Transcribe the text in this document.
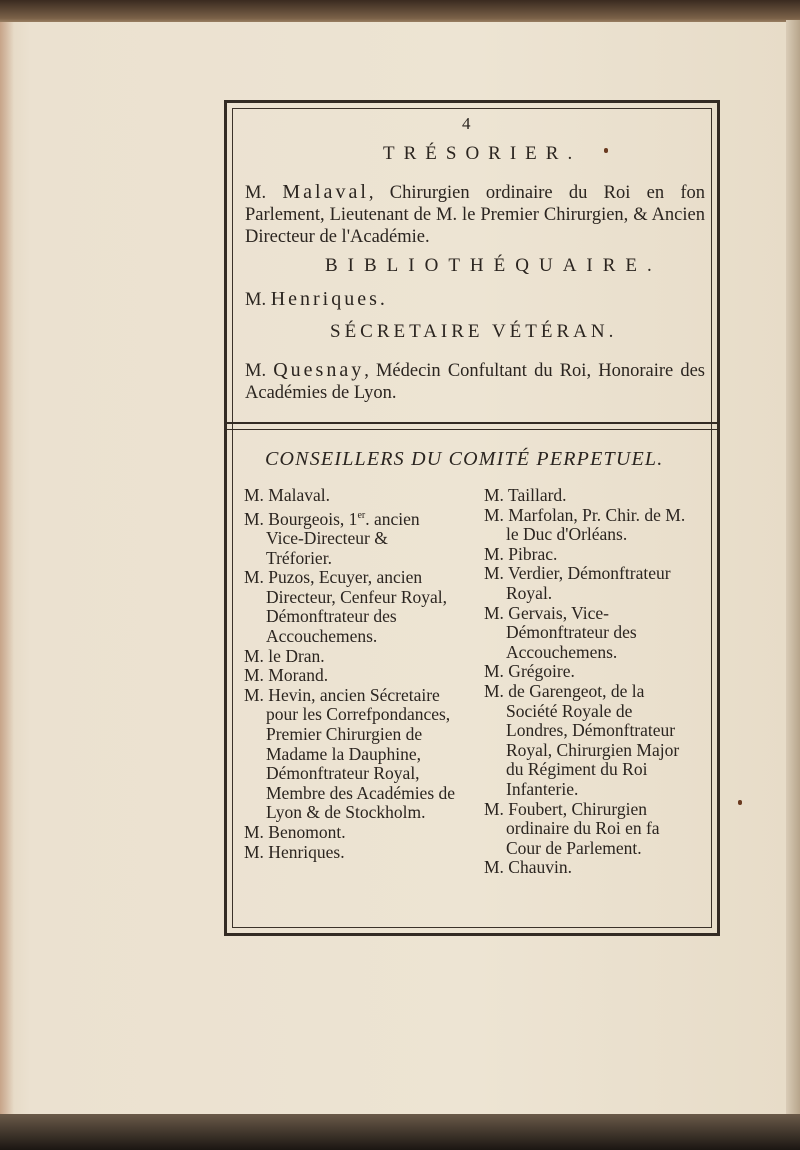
4
TRÉSORIER.
M. Malaval, Chirurgien ordinaire du Roi en fon Parlement, Lieutenant de M. le Premier Chirurgien, & Ancien Directeur de l'Académie.
BIBLIOTHÉQUAIRE.
M. Henriques.
SÉCRETAIRE VÉTÉRAN.
M. Quesnay, Médecin Confultant du Roi, Honoraire des Académies de Lyon.
CONSEILLERS DU COMITÉ PERPETUEL.
M. Malaval.
M. Bourgeois, 1er. ancien Vice-Directeur & Tréforier.
M. Puzos, Ecuyer, ancien Directeur, Cenfeur Royal, Démonftrateur des Accouchemens.
M. le Dran.
M. Morand.
M. Hevin, ancien Sécretaire pour les Correfpondances, Premier Chirurgien de Madame la Dauphine, Démonftrateur Royal, Membre des Académies de Lyon & de Stockholm.
M. Benomont.
M. Henriques.
M. Taillard.
M. Marfolan, Pr. Chir. de M. le Duc d'Orléans.
M. Pibrac.
M. Verdier, Démonftrateur Royal.
M. Gervais, Vice-Démonftrateur des Accouchemens.
M. Grégoire.
M. de Garengeot, de la Société Royale de Londres, Démonftrateur Royal, Chirurgien Major du Régiment du Roi Infanterie.
M. Foubert, Chirurgien ordinaire du Roi en fa Cour de Parlement.
M. Chauvin.
